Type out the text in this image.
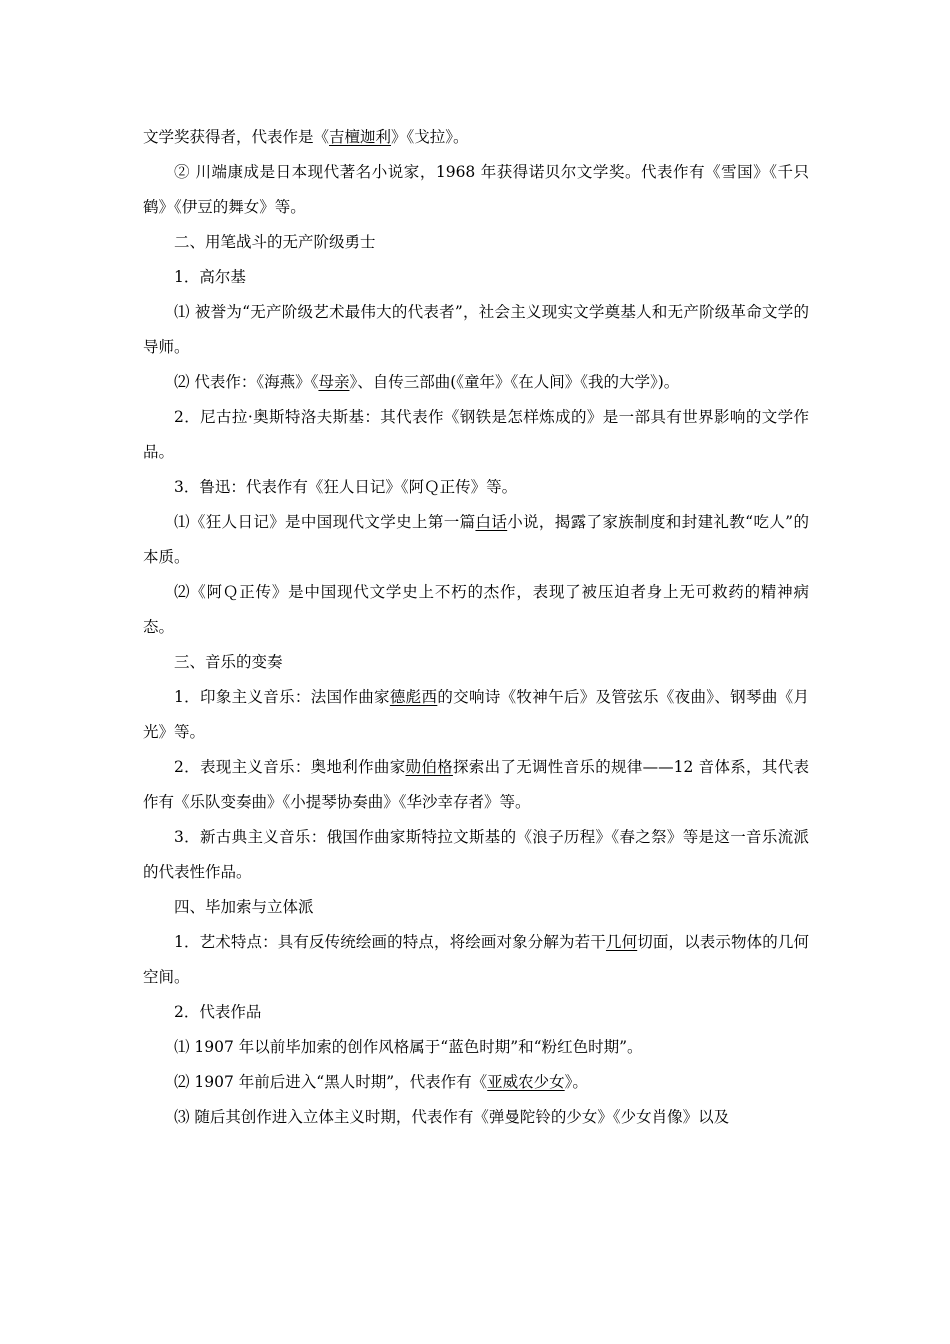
文学奖获得者，代表作是《吉檀迦利》《戈拉》。

② 川端康成是日本现代著名小说家，1968 年获得诺贝尔文学奖。代表作有《雪国》《千只鹤》《伊豆的舞女》等。

二、用笔战斗的无产阶级勇士

1．高尔基

⑴ 被誉为“无产阶级艺术最伟大的代表者”，社会主义现实文学奠基人和无产阶级革命文学的导师。

⑵ 代表作：《海燕》《母亲》、自传三部曲(《童年》《在人间》《我的大学》)。

2．尼古拉·奥斯特洛夫斯基：其代表作《钢铁是怎样炼成的》是一部具有世界影响的文学作品。

3．鲁迅：代表作有《狂人日记》《阿Ｑ正传》等。

⑴《狂人日记》是中国现代文学史上第一篇白话小说，揭露了家族制度和封建礼教“吃人”的本质。

⑵《阿Ｑ正传》是中国现代文学史上不朽的杰作，表现了被压迫者身上无可救药的精神病态。

三、音乐的变奏

1．印象主义音乐：法国作曲家德彪西的交响诗《牧神午后》及管弦乐《夜曲》、钢琴曲《月光》等。

2．表现主义音乐：奥地利作曲家勋伯格探索出了无调性音乐的规律——12 音体系，其代表作有《乐队变奏曲》《小提琴协奏曲》《华沙幸存者》等。

3．新古典主义音乐：俄国作曲家斯特拉文斯基的《浪子历程》《春之祭》等是这一音乐流派的代表性作品。

四、毕加索与立体派

1．艺术特点：具有反传统绘画的特点，将绘画对象分解为若干几何切面，以表示物体的几何空间。

2．代表作品

⑴ 1907 年以前毕加索的创作风格属于“蓝色时期”和“粉红色时期”。

⑵ 1907 年前后进入“黑人时期”，代表作有《亚威农少女》。

⑶ 随后其创作进入立体主义时期，代表作有《弹曼陀铃的少女》《少女肖像》以及
